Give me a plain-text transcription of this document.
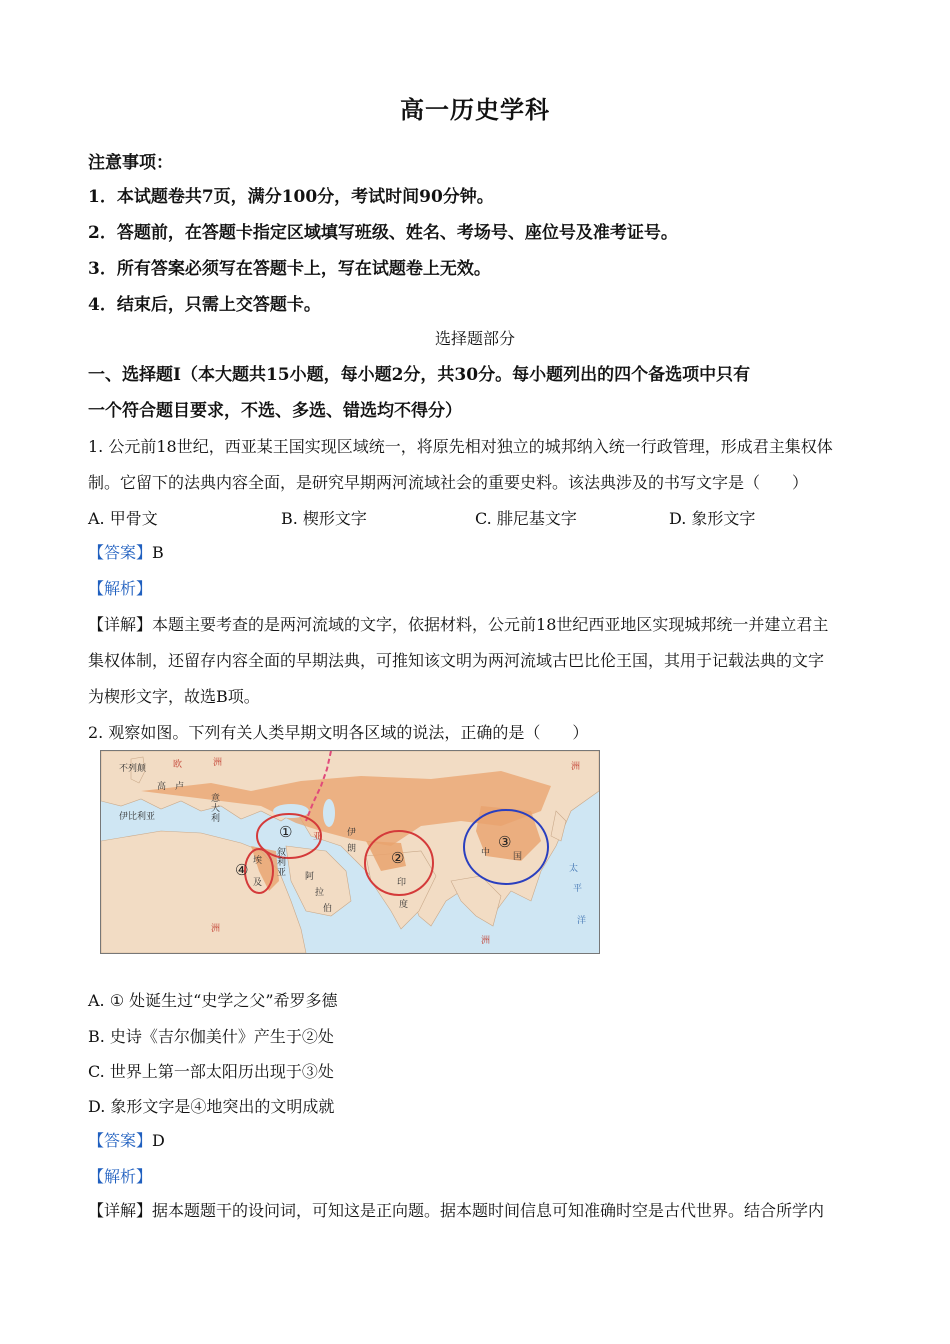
高一历史学科
注意事项：
1．本试题卷共7页，满分100分，考试时间90分钟。
2．答题前，在答题卡指定区域填写班级、姓名、考场号、座位号及准考证号。
3．所有答案必须写在答题卡上，写在试题卷上无效。
4．结束后，只需上交答题卡。
选择题部分
一、选择题Ⅰ（本大题共15小题，每小题2分，共30分。每小题列出的四个备选项中只有
一个符合题目要求，不选、多选、错选均不得分）
1. 公元前18世纪，西亚某王国实现区域统一，将原先相对独立的城邦纳入统一行政管理，形成君主集权体
制。它留下的法典内容全面，是研究早期两河流域社会的重要史料。该法典涉及的书写文字是（　　）
A. 甲骨文	B. 楔形文字	C. 腓尼基文字	D. 象形文字
【答案】B
【解析】
【详解】本题主要考查的是两河流域的文字，依据材料，公元前18世纪西亚地区实现城邦统一并建立君主
集权体制，还留存内容全面的早期法典，可推知该文明为两河流域古巴比伦王国，其用于记载法典的文字
为楔形文字，故选B项。
2. 观察如图。下列有关人类早期文明各区域的说法，正确的是（　　）
①
②
③
④
不列颠	欧	洲
高 卢
意
大
利
伊比利亚
亚	伊
朗
叙
利
亚 阿
拉
伯
埃
及	印
度
中	国
太
平
洋
洲
洲
洲
A. ① 处诞生过“史学之父”希罗多德
B. 史诗《吉尔伽美什》产生于②处
C. 世界上第一部太阳历出现于③处
D. 象形文字是④地突出的文明成就
【答案】D
【解析】
【详解】据本题题干的设问词，可知这是正向题。据本题时间信息可知准确时空是古代世界。结合所学内
